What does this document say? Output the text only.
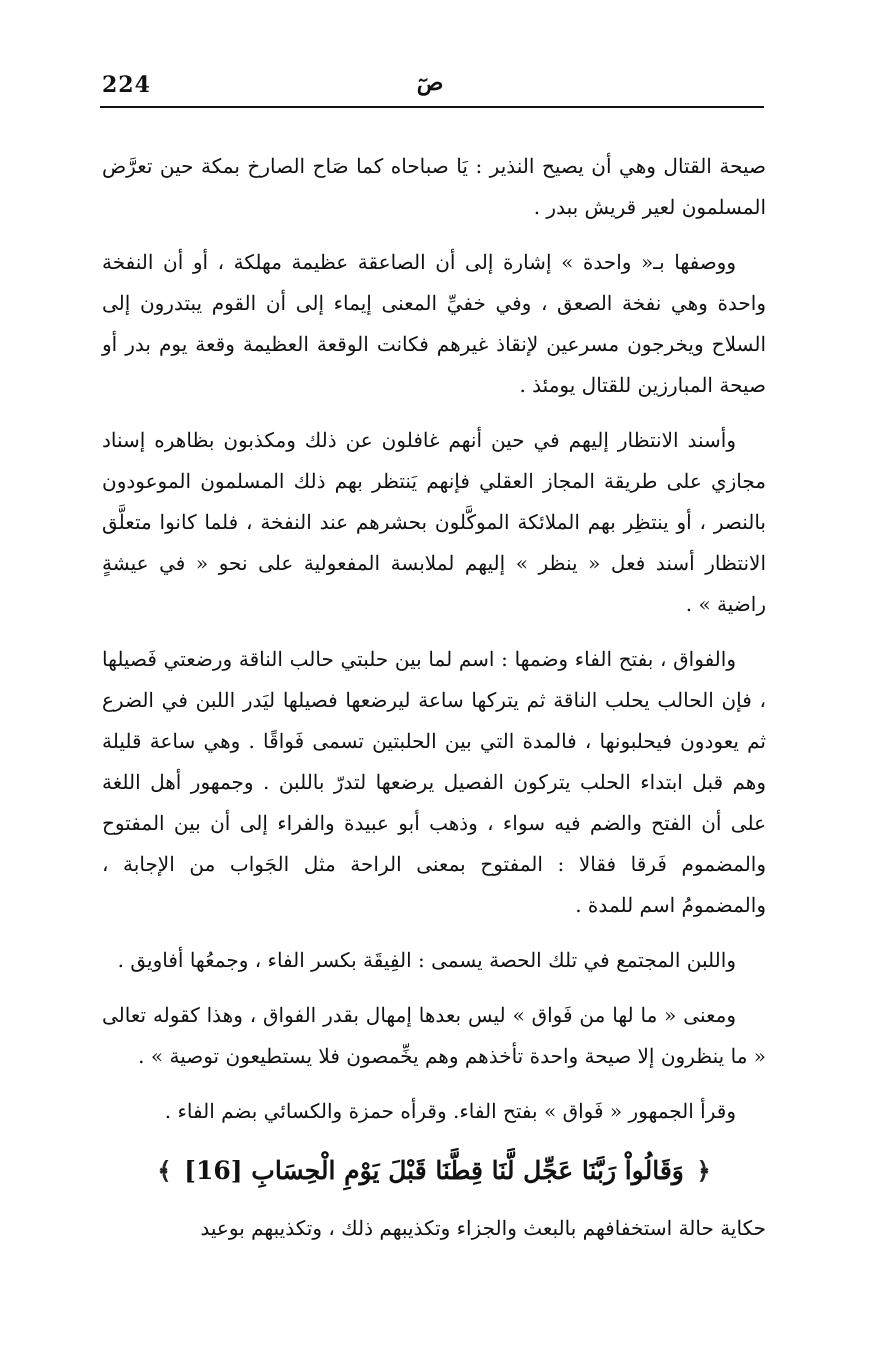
224	صٓ

صيحة القتال وهي أن يصيح النذير : يَا صباحاه كما صَاح الصارخ بمكة حين تعرَّض المسلمون لعير قريش ببدر .

ووصفها بـ« واحدة » إشارة إلى أن الصاعقة عظيمة مهلكة ، أو أن النفخة واحدة وهي نفخة الصعق ، وفي خفيِّ المعنى إيماء إلى أن القوم يبتدرون إلى السلاح ويخرجون مسرعين لإنقاذ غيرهم فكانت الوقعة العظيمة وقعة يوم بدر أو صيحة المبارزين للقتال يومئذ .

وأسند الانتظار إليهم في حين أنهم غافلون عن ذلك ومكذبون بظاهره إسناد مجازي على طريقة المجاز العقلي فإنهم يَنتظر بهم ذلك المسلمون الموعودون بالنصر ، أو ينتظِر بهم الملائكة الموكَّلون بحشرهم عند النفخة ، فلما كانوا متعلَّق الانتظار أسند فعل « ينظر » إليهم لملابسة المفعولية على نحو « في عيشةٍ راضية » .

والفواق ، بفتح الفاء وضمها : اسم لما بين حلبتي حالب الناقة ورضعتي فَصيلها ، فإن الحالب يحلب الناقة ثم يتركها ساعة ليرضعها فصيلها ليَدر اللبن في الضرع ثم يعودون فيحلبونها ، فالمدة التي بين الحلبتين تسمى فَواقًا . وهي ساعة قليلة وهم قبل ابتداء الحلب يتركون الفصيل يرضعها لتدرّ باللبن . وجمهور أهل اللغة على أن الفتح والضم فيه سواء ، وذهب أبو عبيدة والفراء إلى أن بين المفتوح والمضموم فَرقا فقالا : المفتوح بمعنى الراحة مثل الجَواب من الإجابة ، والمضمومُ اسم للمدة .

واللبن المجتمع في تلك الحصة يسمى : الفِيقَة بكسر الفاء ، وجمعُها أفاويق .

ومعنى « ما لها من فَواق » ليس بعدها إمهال بقدر الفواق ، وهذا كقوله تعالى « ما ينظرون إلا صيحة واحدة تأخذهم وهم يخِّمصون فلا يستطيعون توصية » .

وقرأ الجمهور « فَواق » بفتح الفاء. وقرأه حمزة والكسائي بضم الفاء .

﴿ وَقَالُواْ رَبَّنَا عَجِّل لَّنَا قِطَّنَا قَبْلَ يَوْمِ الْحِسَابِ [16] ﴾

حكاية حالة استخفافهم بالبعث والجزاء وتكذيبهم ذلك ، وتكذيبهم بوعيد
